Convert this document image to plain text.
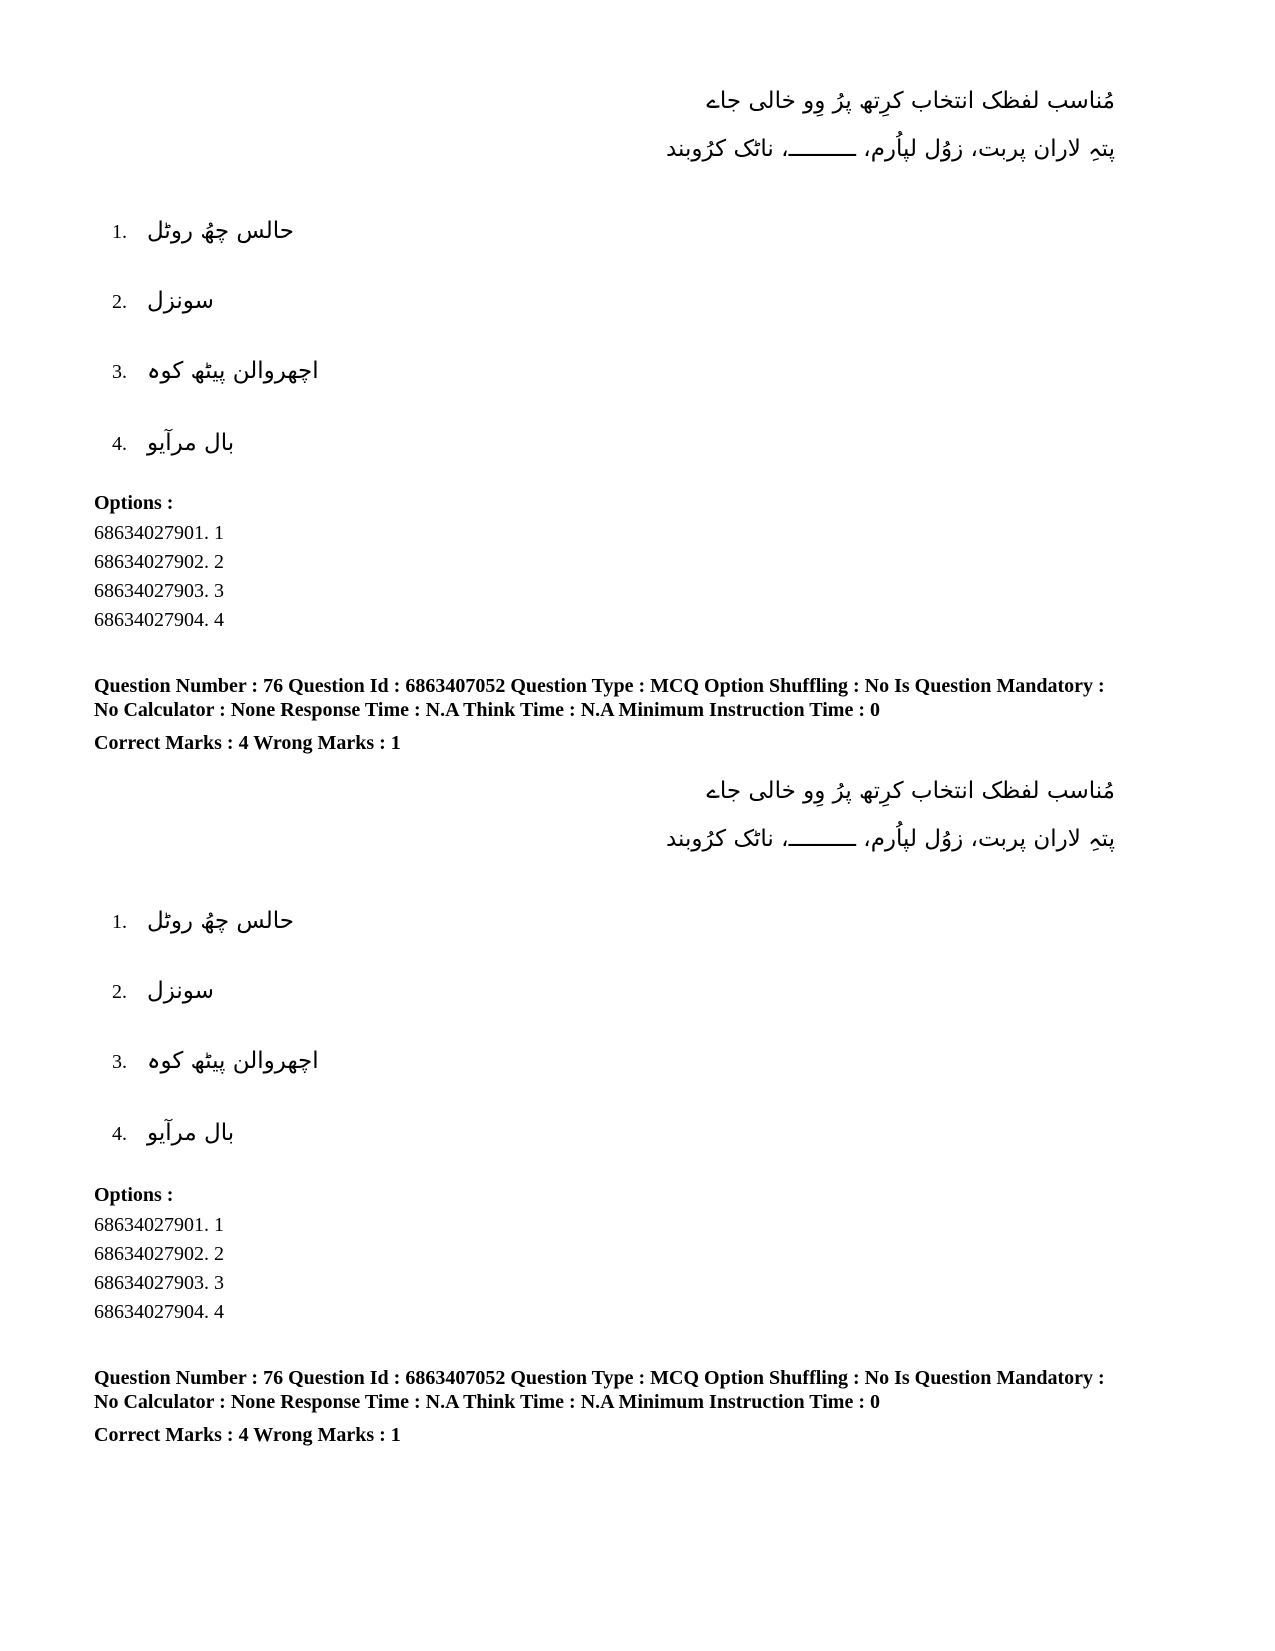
مُناسب لفظک انتخاب کرِتھ پرُ وِو خالی جاے
پتہِ لاران پربت، زوُل لپاُرم، ــــــــــ، ناٹک کرُوبند
1. حالس چھُ روٹل
2. سونزل
3. اچھروالن پیٹھ کوہ
4. بال مرآیو
Options :
68634027901. 1
68634027902. 2
68634027903. 3
68634027904. 4
Question Number : 76 Question Id : 6863407052 Question Type : MCQ Option Shuffling : No Is Question Mandatory :
No Calculator : None Response Time : N.A Think Time : N.A Minimum Instruction Time : 0
Correct Marks : 4 Wrong Marks : 1
مُناسب لفظک انتخاب کرِتھ پرُ وِو خالی جاے
پتہِ لاران پربت، زوُل لپاُرم، ــــــــــ، ناٹک کرُوبند
1. حالس چھُ روٹل
2. سونزل
3. اچھروالن پیٹھ کوہ
4. بال مرآیو
Options :
68634027901. 1
68634027902. 2
68634027903. 3
68634027904. 4
Question Number : 76 Question Id : 6863407052 Question Type : MCQ Option Shuffling : No Is Question Mandatory :
No Calculator : None Response Time : N.A Think Time : N.A Minimum Instruction Time : 0
Correct Marks : 4 Wrong Marks : 1
